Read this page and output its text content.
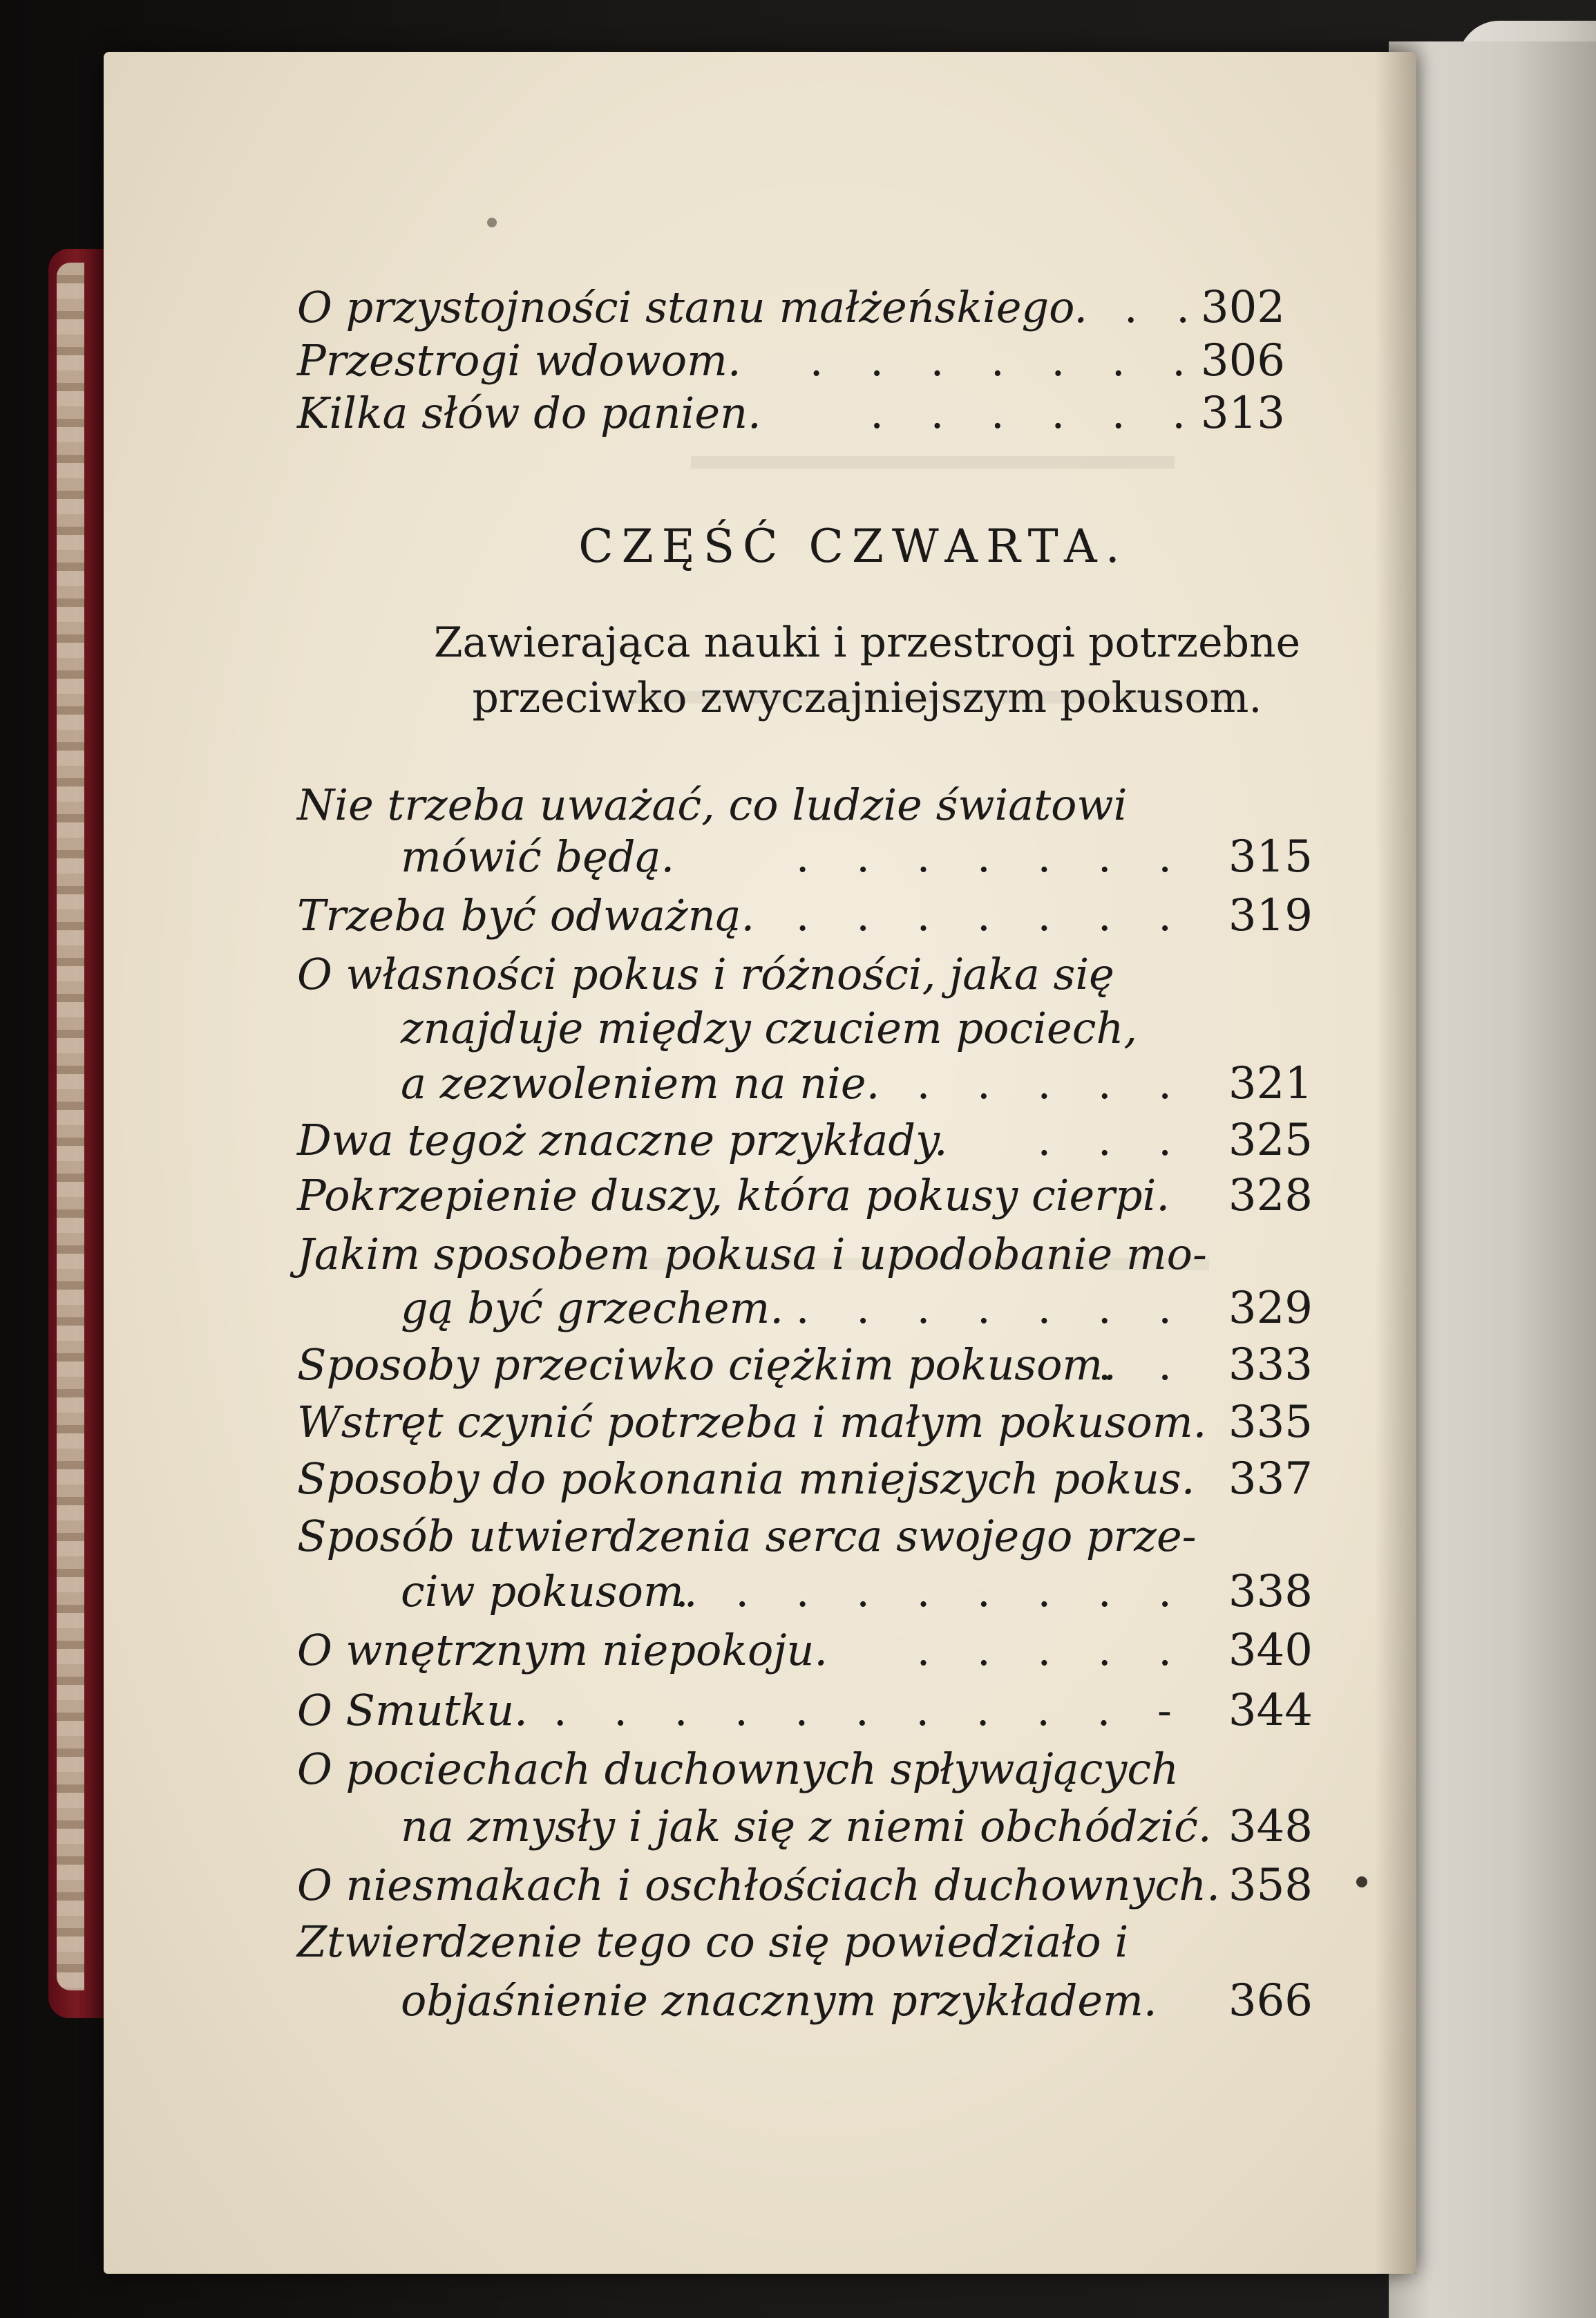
O przystojności stanu małżeńskiego. . .
302
Przestrogi wdowom. . . . . . . .
306
Kilka słów do panien.	. . . . . .
313
CZĘŚĆ CZWARTA.
Zawierająca nauki i przestrogi potrzebne
przeciwko zwyczajniejszym pokusom.
Nie trzeba uważać, co ludzie światowi
mówić będą.	. . . . . . . 315
Trzeba być odważną. . . . . . . . 319
O własności pokus i różności, jaka się
znajduje między czuciem pociech,
a zezwoleniem na nie. . . . . . 321
Dwa tegoż znaczne przykłady. . . . 325
Pokrzepienie duszy, która pokusy cierpi. 328
Jakim sposobem pokusa i upodobanie mo-
gą być grzechem. . . . . . . . 329
Sposoby przeciwko ciężkim pokusom.
. . 333
Wstręt czynić potrzeba i małym pokusom. 335
Sposoby do pokonania mniejszych pokus. 337
Sposób utwierdzenia serca swojego prze-
ciw pokusom.
. . . . . . . . . 338
O wnętrznym niepokoju. . . . . . 340
O Smutku. . . . . . . . . . . - 344
O pociechach duchownych spływających
na zmysły i jak się z niemi obchódzić. 348
O niesmakach i oschłościach duchownych. 358
Ztwierdzenie tego co się powiedziało i
objaśnienie znacznym przykładem. 366
